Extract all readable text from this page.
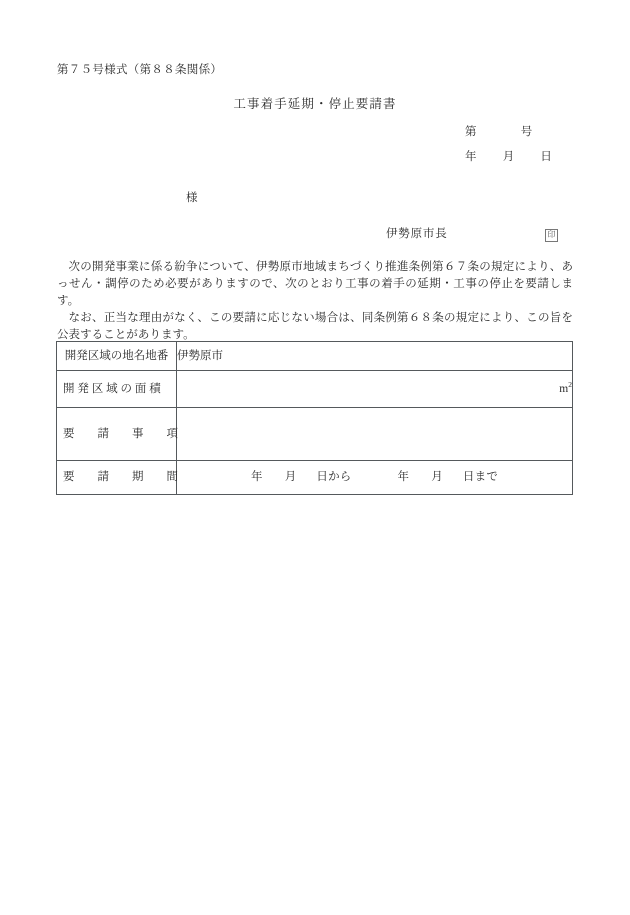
第７５号様式（第８８条関係）
工事着手延期・停止要請書
第	号
年 月 日
様
伊勢原市長	印

次の開発事業に係る紛争について、伊勢原市地域まちづくり推進条例第６７条の規定により、あっせん・調停のため必要がありますので、次のとおり工事の着手の延期・工事の停止を要請します。

なお、正当な理由がなく、この要請に応じない場合は、同条例第６８条の規定により、この旨を公表することがあります。

開発区域の地名地番	伊勢原市

開 発 区 域 の 面 積	$m^2$

要　　請　　事　　項	

要　　請　　期　　間	年 月 日から 年 月 日まで
